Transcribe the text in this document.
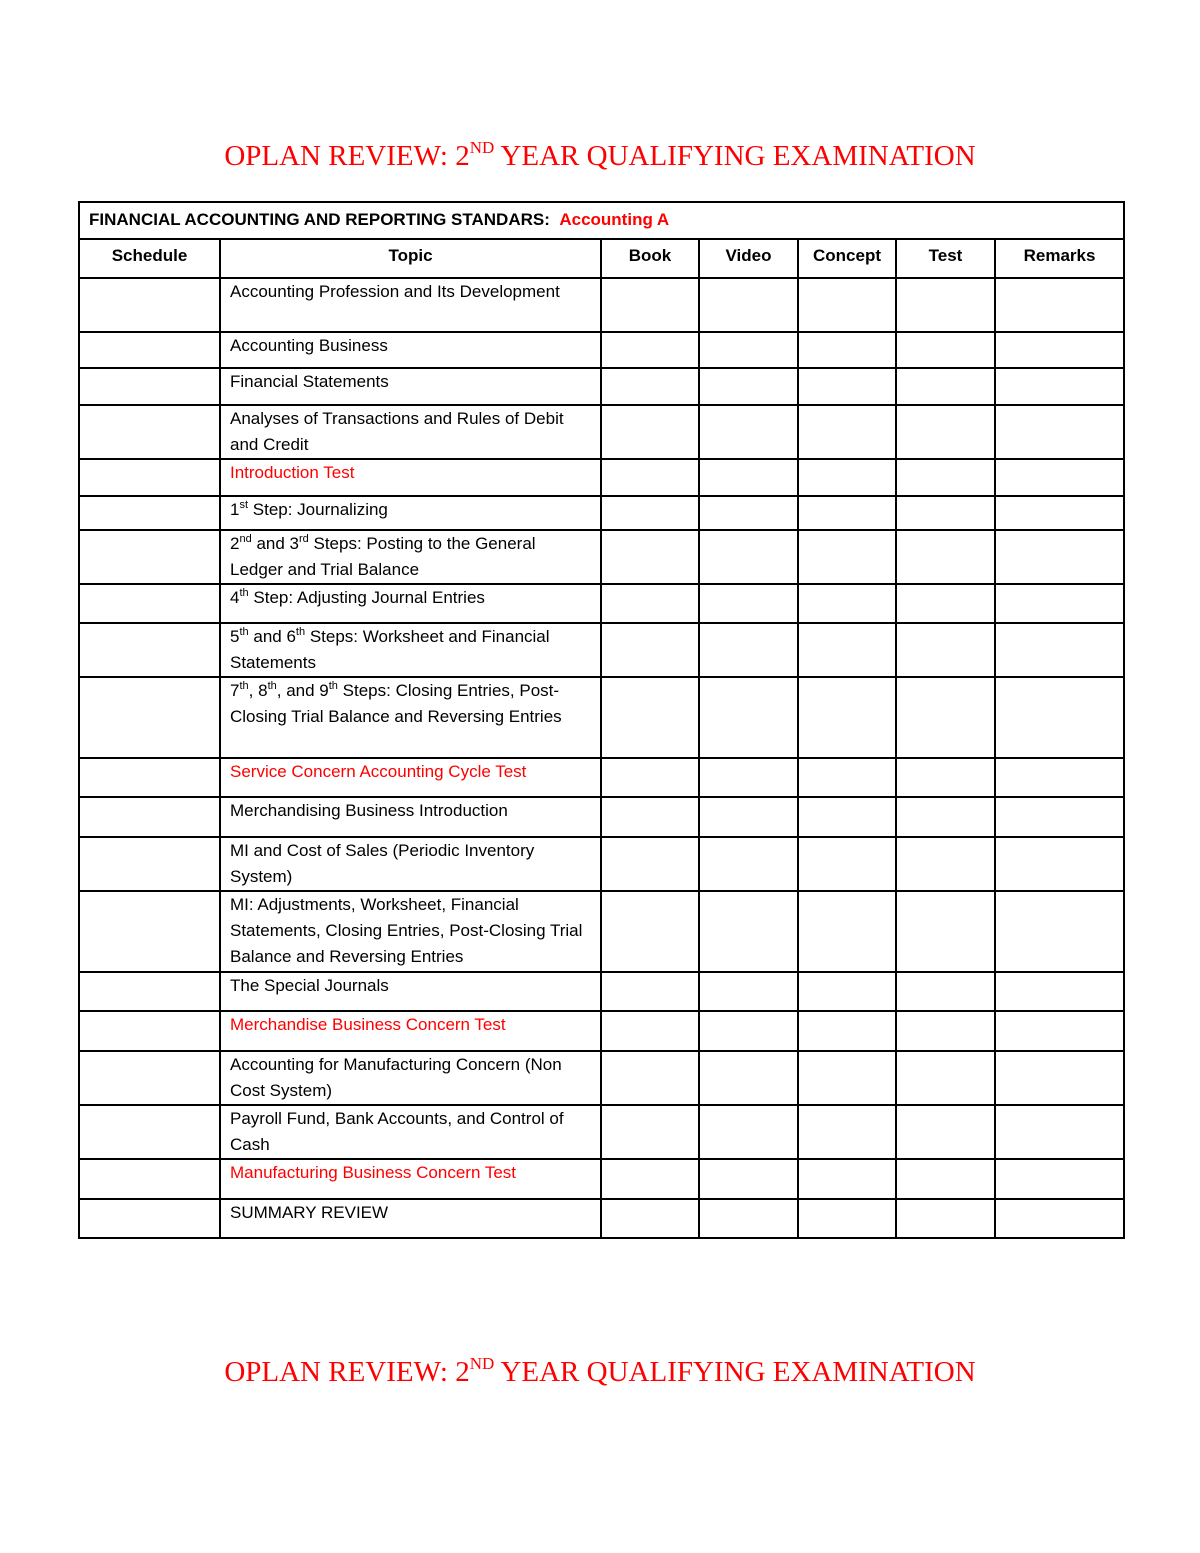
OPLAN REVIEW: 2ND YEAR QUALIFYING EXAMINATION
FINANCIAL ACCOUNTING AND REPORTING STANDARS: Accounting A						
Schedule	Topic	Book	Video	Concept	Test	Remarks
	Accounting Profession and Its Development					
	Accounting Business					
	Financial Statements					
	Analyses of Transactions and Rules of Debit and Credit					
	Introduction Test					
	1st Step: Journalizing					
	2nd and 3rd Steps: Posting to the General Ledger and Trial Balance					
	4th Step: Adjusting Journal Entries					
	5th and 6th Steps: Worksheet and Financial Statements					
	7th, 8th, and 9th Steps: Closing Entries, Post-Closing Trial Balance and Reversing Entries					
	Service Concern Accounting Cycle Test					
	Merchandising Business Introduction					
	MI and Cost of Sales (Periodic Inventory System)					
	MI: Adjustments, Worksheet, Financial Statements, Closing Entries, Post-Closing Trial Balance and Reversing Entries					
	The Special Journals					
	Merchandise Business Concern Test					
	Accounting for Manufacturing Concern (Non Cost System)					
	Payroll Fund, Bank Accounts, and Control of Cash					
	Manufacturing Business Concern Test					
	SUMMARY REVIEW					
OPLAN REVIEW: 2ND YEAR QUALIFYING EXAMINATION
